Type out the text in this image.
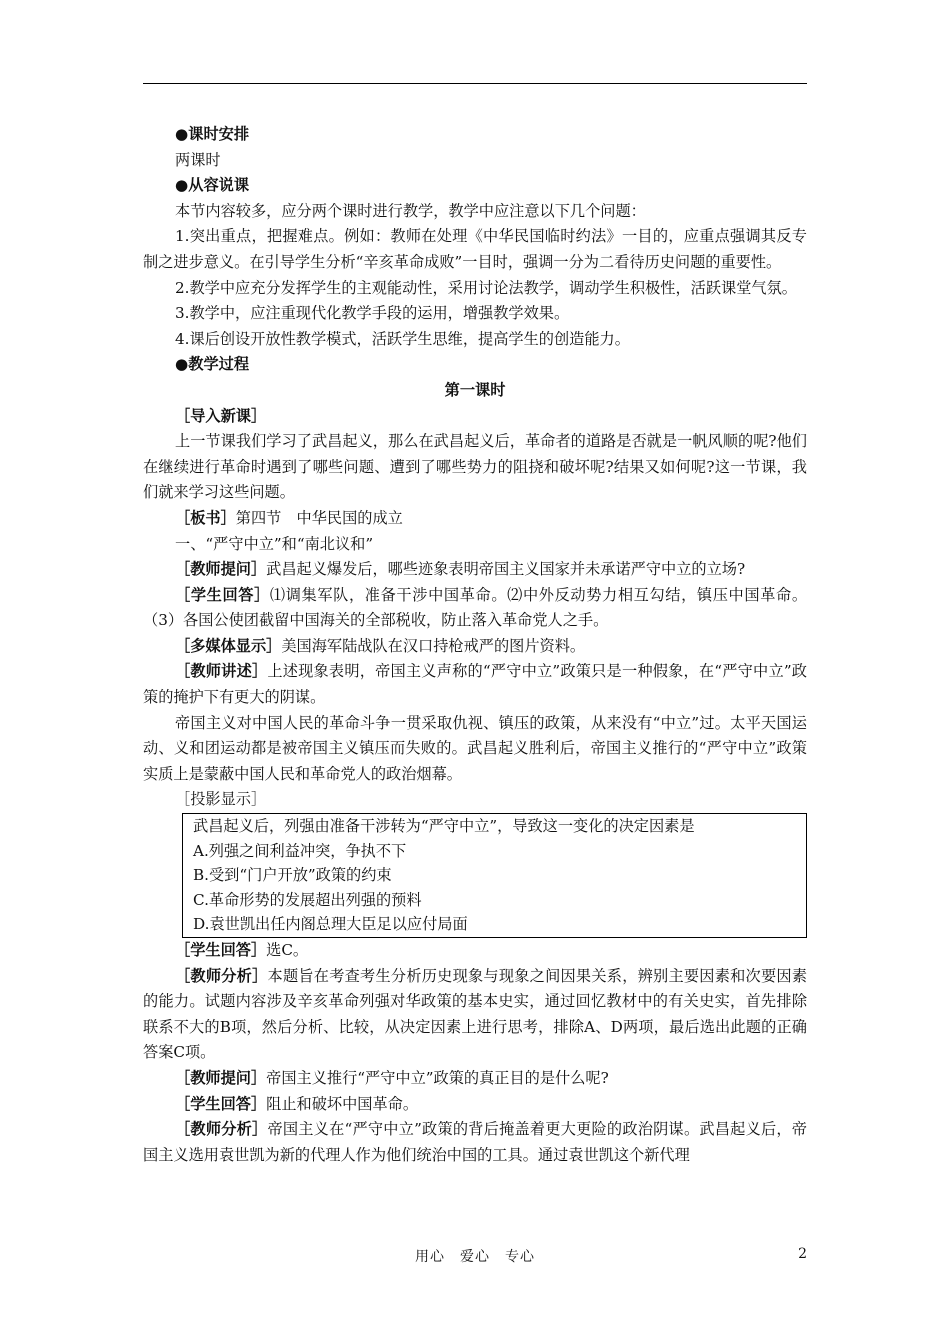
●课时安排

两课时

●从容说课

本节内容较多，应分两个课时进行教学，教学中应注意以下几个问题：

1.突出重点，把握难点。例如：教师在处理《中华民国临时约法》一目的，应重点强调其反专制之进步意义。在引导学生分析“辛亥革命成败”一目时，强调一分为二看待历史问题的重要性。

2.教学中应充分发挥学生的主观能动性，采用讨论法教学，调动学生积极性，活跃课堂气氛。

3.教学中，应注重现代化教学手段的运用，增强教学效果。

4.课后创设开放性教学模式，活跃学生思维，提高学生的创造能力。

●教学过程

第一课时

［导入新课］

上一节课我们学习了武昌起义，那么在武昌起义后，革命者的道路是否就是一帆风顺的呢?他们在继续进行革命时遇到了哪些问题、遭到了哪些势力的阻挠和破坏呢?结果又如何呢?这一节课，我们就来学习这些问题。

［板书］第四节　中华民国的成立

一、“严守中立”和“南北议和”

［教师提问］武昌起义爆发后，哪些迹象表明帝国主义国家并未承诺严守中立的立场?

［学生回答］⑴调集军队，准备干涉中国革命。⑵中外反动势力相互勾结，镇压中国革命。（3）各国公使团截留中国海关的全部税收，防止落入革命党人之手。

［多媒体显示］美国海军陆战队在汉口持枪戒严的图片资料。

［教师讲述］上述现象表明，帝国主义声称的“严守中立”政策只是一种假象，在“严守中立”政策的掩护下有更大的阴谋。

帝国主义对中国人民的革命斗争一贯采取仇视、镇压的政策，从来没有“中立”过。太平天国运动、义和团运动都是被帝国主义镇压而失败的。武昌起义胜利后，帝国主义推行的“严守中立”政策实质上是蒙蔽中国人民和革命党人的政治烟幕。

［投影显示］

武昌起义后，列强由准备干涉转为“严守中立”，导致这一变化的决定因素是
A.列强之间利益冲突，争执不下
B.受到“门户开放”政策的约束
C.革命形势的发展超出列强的预料
D.袁世凯出任内阁总理大臣足以应付局面

［学生回答］选C。

［教师分析］本题旨在考查考生分析历史现象与现象之间因果关系，辨别主要因素和次要因素的能力。试题内容涉及辛亥革命列强对华政策的基本史实，通过回忆教材中的有关史实，首先排除联系不大的B项，然后分析、比较，从决定因素上进行思考，排除A、D两项，最后选出此题的正确答案C项。

［教师提问］帝国主义推行“严守中立”政策的真正目的是什么呢?

［学生回答］阻止和破坏中国革命。

［教师分析］帝国主义在“严守中立”政策的背后掩盖着更大更险的政治阴谋。武昌起义后，帝国主义选用袁世凯为新的代理人作为他们统治中国的工具。通过袁世凯这个新代理

用心　爱心　专心	2
